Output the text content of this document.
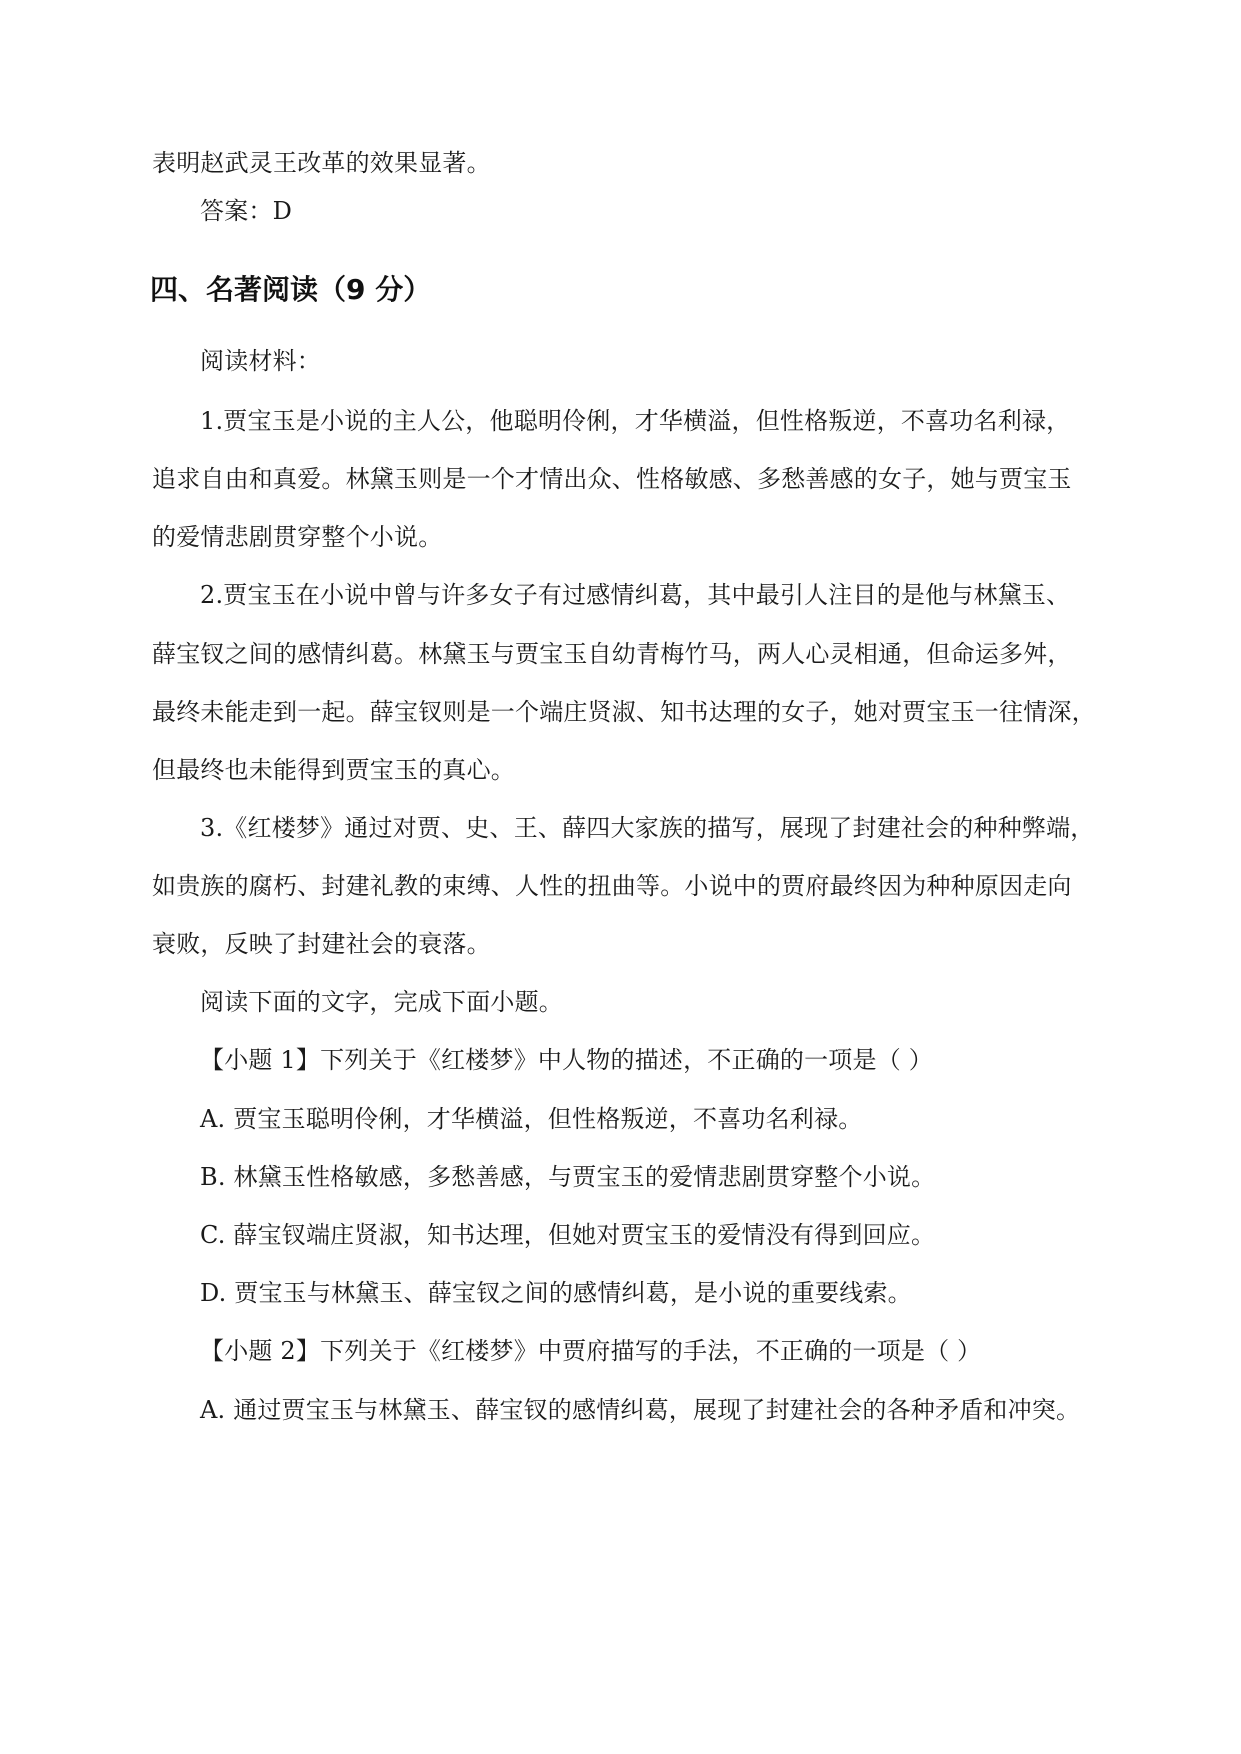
表明赵武灵王改革的效果显著。
答案：D
四、名著阅读（9 分）
阅读材料：
1.贾宝玉是小说的主人公，他聪明伶俐，才华横溢，但性格叛逆，不喜功名利禄，
追求自由和真爱。林黛玉则是一个才情出众、性格敏感、多愁善感的女子，她与贾宝玉
的爱情悲剧贯穿整个小说。
2.贾宝玉在小说中曾与许多女子有过感情纠葛，其中最引人注目的是他与林黛玉、
薛宝钗之间的感情纠葛。林黛玉与贾宝玉自幼青梅竹马，两人心灵相通，但命运多舛，
最终未能走到一起。薛宝钗则是一个端庄贤淑、知书达理的女子，她对贾宝玉一往情深，
但最终也未能得到贾宝玉的真心。
3.《红楼梦》通过对贾、史、王、薛四大家族的描写，展现了封建社会的种种弊端，
如贵族的腐朽、封建礼教的束缚、人性的扭曲等。小说中的贾府最终因为种种原因走向
衰败，反映了封建社会的衰落。
阅读下面的文字，完成下面小题。
【小题 1】下列关于《红楼梦》中人物的描述，不正确的一项是（ ）
A. 贾宝玉聪明伶俐，才华横溢，但性格叛逆，不喜功名利禄。
B. 林黛玉性格敏感，多愁善感，与贾宝玉的爱情悲剧贯穿整个小说。
C. 薛宝钗端庄贤淑，知书达理，但她对贾宝玉的爱情没有得到回应。
D. 贾宝玉与林黛玉、薛宝钗之间的感情纠葛，是小说的重要线索。
【小题 2】下列关于《红楼梦》中贾府描写的手法，不正确的一项是（ ）
A. 通过贾宝玉与林黛玉、薛宝钗的感情纠葛，展现了封建社会的各种矛盾和冲突。
